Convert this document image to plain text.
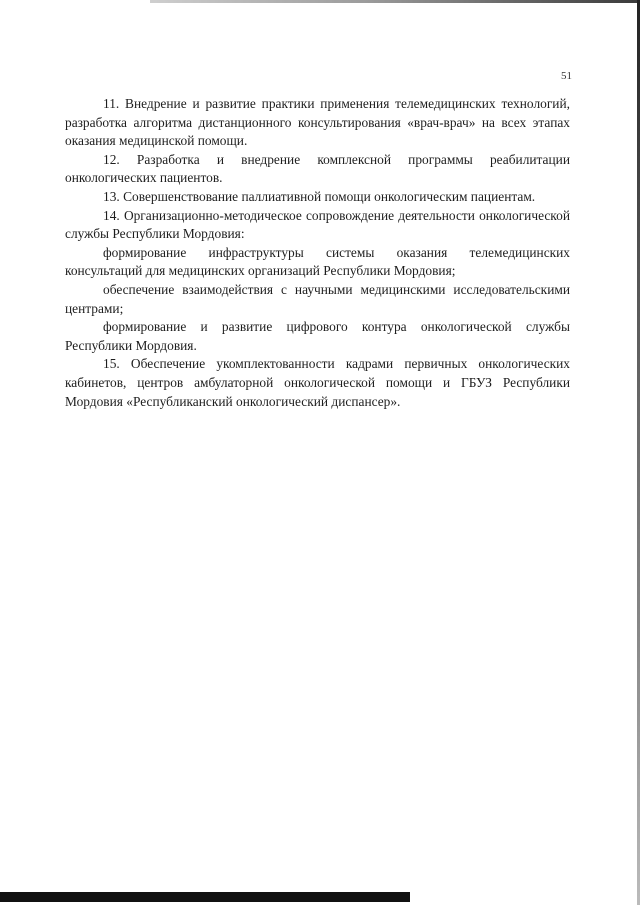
51

11. Внедрение и развитие практики применения телемедицинских технологий, разработка алгоритма дистанционного консультирования «врач-врач» на всех этапах оказания медицинской помощи.

12. Разработка и внедрение комплексной программы реабилитации онкологических пациентов.

13. Совершенствование паллиативной помощи онкологическим пациентам.

14. Организационно-методическое сопровождение деятельности онкологической службы Республики Мордовия:

формирование инфраструктуры системы оказания телемедицинских консультаций для медицинских организаций Республики Мордовия;

обеспечение взаимодействия с научными медицинскими исследовательскими центрами;

формирование и развитие цифрового контура онкологической службы Республики Мордовия.

15. Обеспечение укомплектованности кадрами первичных онкологических кабинетов, центров амбулаторной онкологической помощи и ГБУЗ Республики Мордовия «Республиканский онкологический диспансер».
